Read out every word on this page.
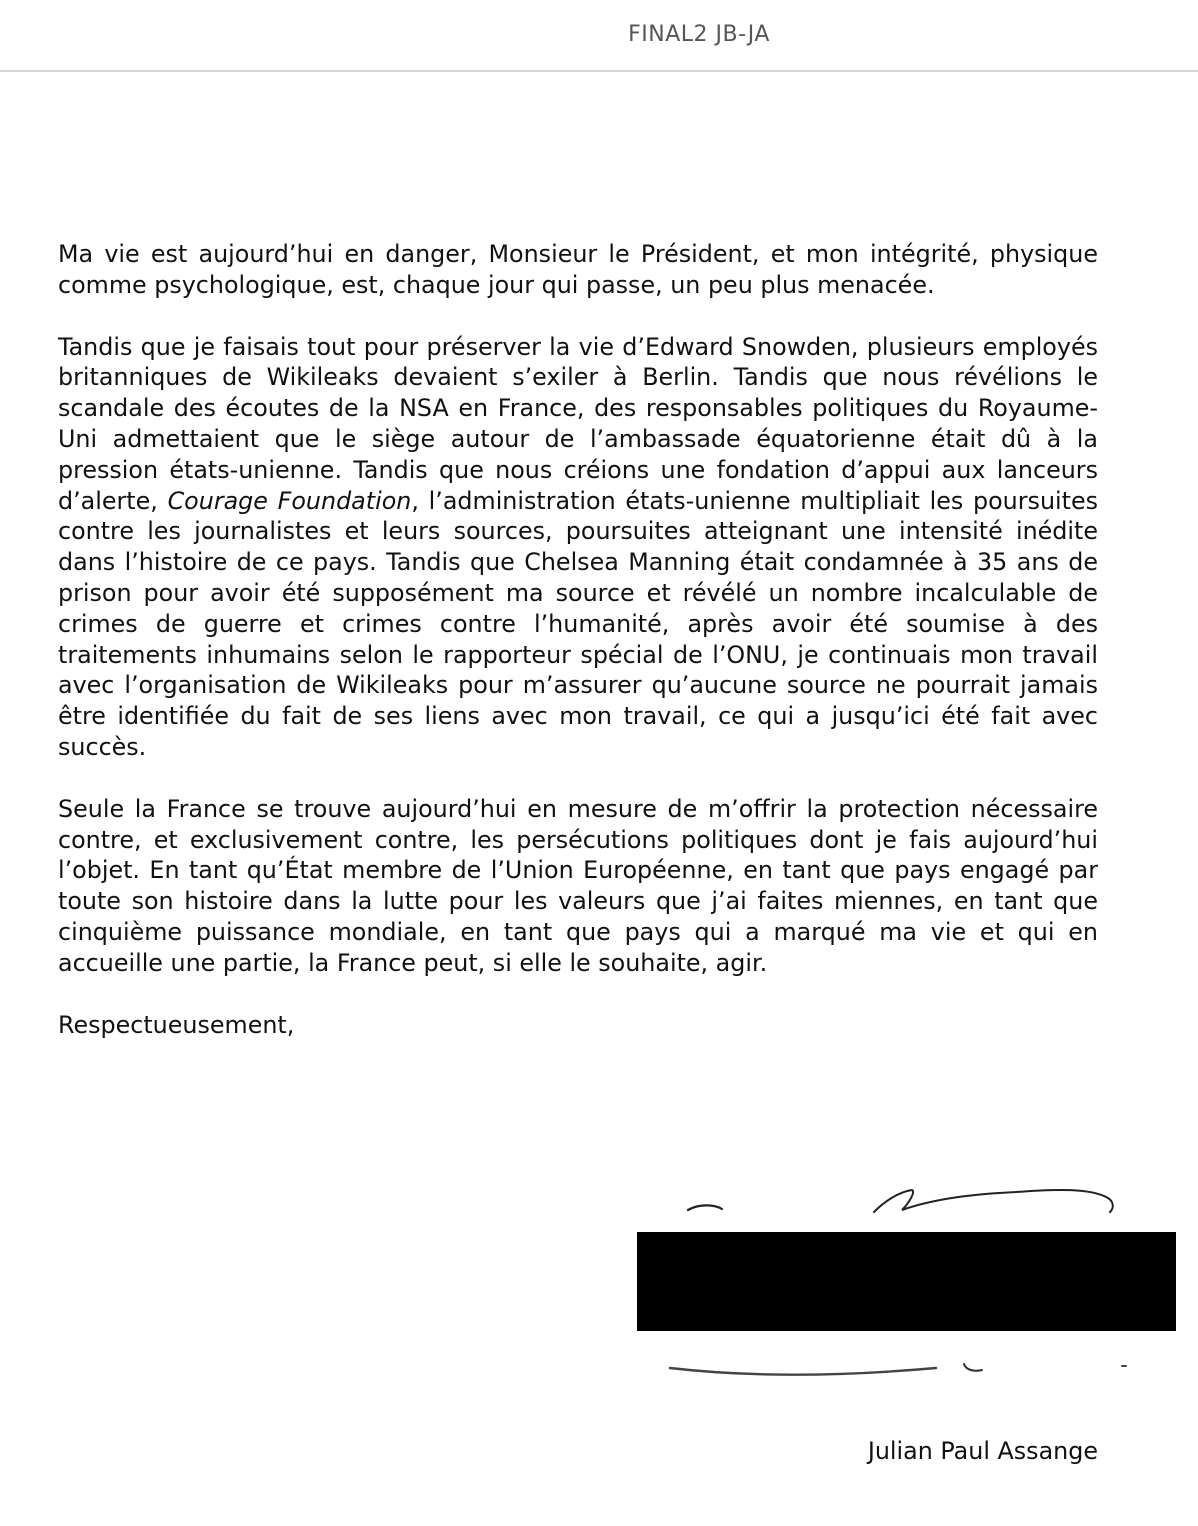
FINAL2 JB-JA

Ma vie est aujourd’hui en danger, Monsieur le Président, et mon intégrité, physique comme psychologique, est, chaque jour qui passe, un peu plus menacée.

Tandis que je faisais tout pour préserver la vie d’Edward Snowden, plusieurs employés britanniques de Wikileaks devaient s’exiler à Berlin. Tandis que nous révélions le scandale des écoutes de la NSA en France, des responsables politiques du Royaume-Uni admettaient que le siège autour de l’ambassade équatorienne était dû à la pression états-unienne. Tandis que nous créions une fondation d’appui aux lanceurs d’alerte, Courage Foundation, l’administration états-unienne multipliait les poursuites contre les journalistes et leurs sources, poursuites atteignant une intensité inédite dans l’histoire de ce pays. Tandis que Chelsea Manning était condamnée à 35 ans de prison pour avoir été supposément ma source et révélé un nombre incalculable de crimes de guerre et crimes contre l’humanité, après avoir été soumise à des traitements inhumains selon le rapporteur spécial de l’ONU, je continuais mon travail avec l’organisation de Wikileaks pour m’assurer qu’aucune source ne pourrait jamais être identifiée du fait de ses liens avec mon travail, ce qui a jusqu’ici été fait avec succès.

Seule la France se trouve aujourd’hui en mesure de m’offrir la protection nécessaire contre, et exclusivement contre, les persécutions politiques dont je fais aujourd’hui l’objet. En tant qu’État membre de l’Union Européenne, en tant que pays engagé par toute son histoire dans la lutte pour les valeurs que j’ai faites miennes, en tant que cinquième puissance mondiale, en tant que pays qui a marqué ma vie et qui en accueille une partie, la France peut, si elle le souhaite, agir.

Respectueusement,

Julian Paul Assange
